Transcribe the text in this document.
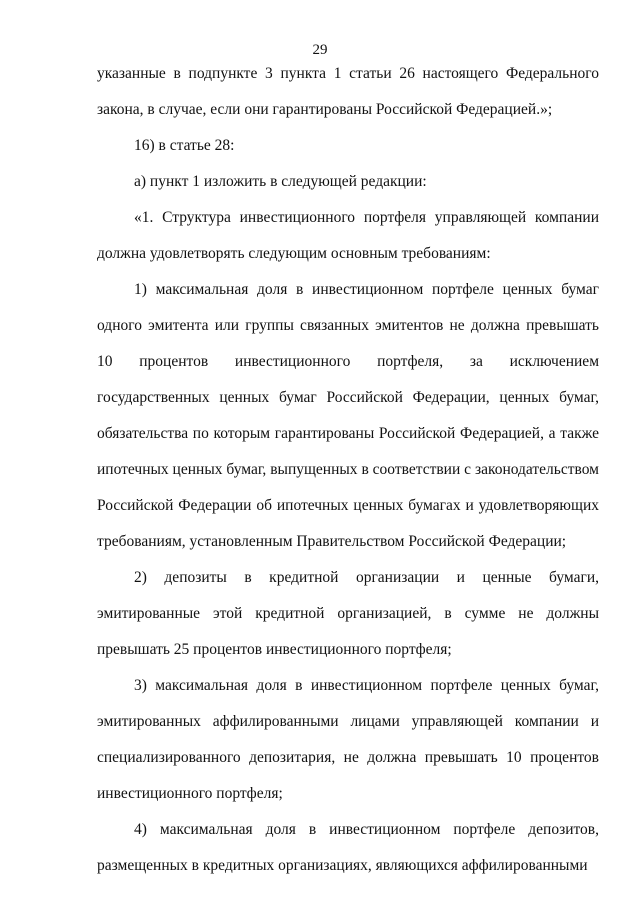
29

указанные в подпункте 3 пункта 1 статьи 26 настоящего Федерального закона, в случае, если они гарантированы Российской Федерацией.»;

16) в статье 28:

а) пункт 1 изложить в следующей редакции:

«1. Структура инвестиционного портфеля управляющей компании должна удовлетворять следующим основным требованиям:

1) максимальная доля в инвестиционном портфеле ценных бумаг одного эмитента или группы связанных эмитентов не должна превышать 10 процентов инвестиционного портфеля, за исключением государственных ценных бумаг Российской Федерации, ценных бумаг, обязательства по которым гарантированы Российской Федерацией, а также ипотечных ценных бумаг, выпущенных в соответствии с законодательством Российской Федерации об ипотечных ценных бумагах и удовлетворяющих требованиям, установленным Правительством Российской Федерации;

2) депозиты в кредитной организации и ценные бумаги, эмитированные этой кредитной организацией, в сумме не должны превышать 25 процентов инвестиционного портфеля;

3) максимальная доля в инвестиционном портфеле ценных бумаг, эмитированных аффилированными лицами управляющей компании и специализированного депозитария, не должна превышать 10 процентов инвестиционного портфеля;

4) максимальная доля в инвестиционном портфеле депозитов, размещенных в кредитных организациях, являющихся аффилированными
